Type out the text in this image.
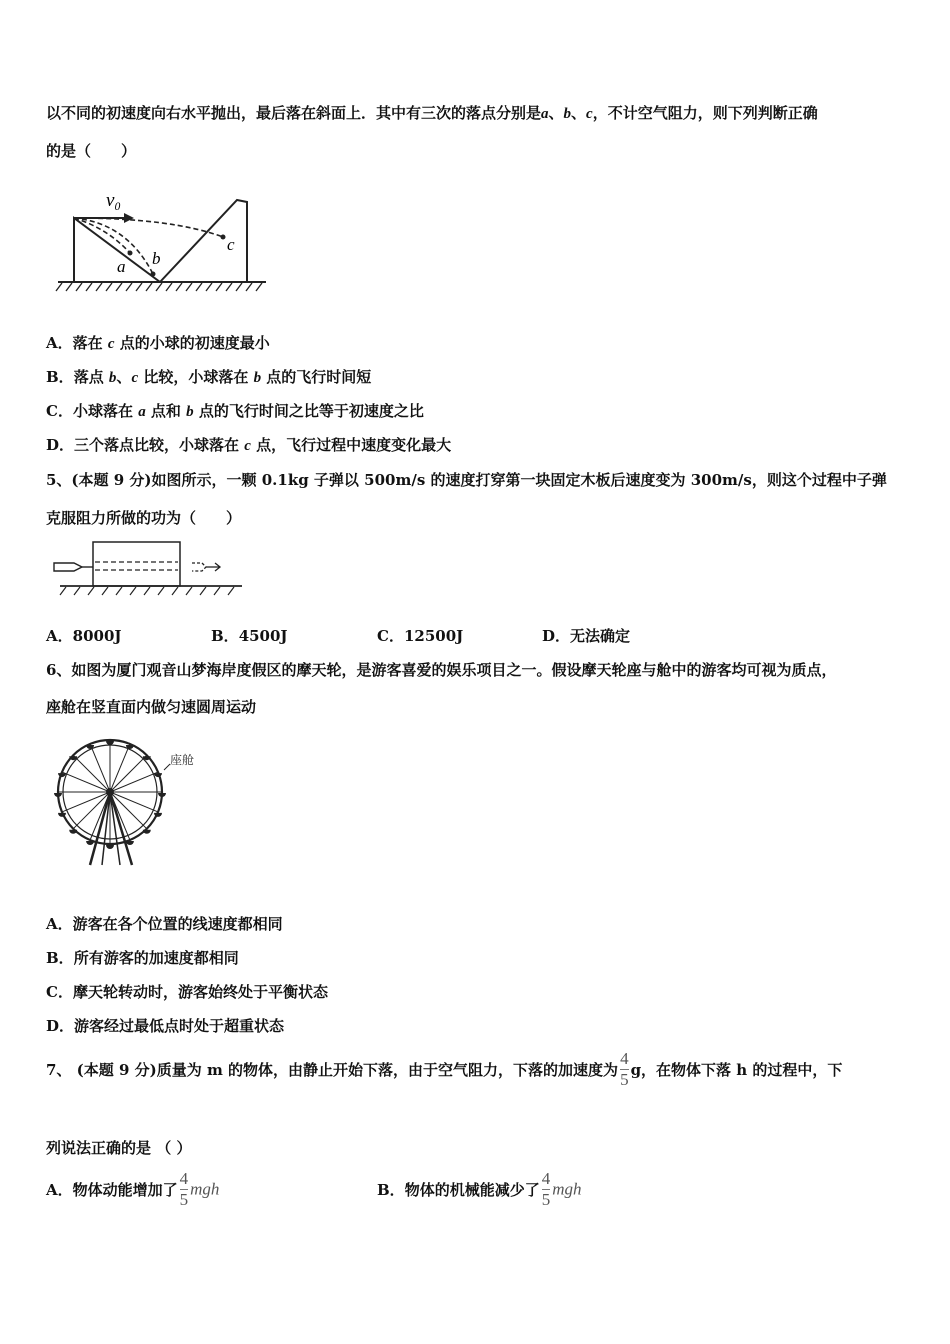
以不同的初速度向右水平抛出，最后落在斜面上．其中有三次的落点分别是a、b、c，不计空气阻力，则下列判断正确
的是（　　）
v₀
a b
c
A．落在 c 点的小球的初速度最小
B．落点 b、c 比较，小球落在 b 点的飞行时间短
C．小球落在 a 点和 b 点的飞行时间之比等于初速度之比
D．三个落点比较，小球落在 c 点，飞行过程中速度变化最大
5、(本题 9 分)如图所示，一颗 0.1kg 子弹以 500m/s 的速度打穿第一块固定木板后速度变为 300m/s，则这个过程中子弹
克服阻力所做的功为（　　）
A．8000J	B．4500J	C．12500J	D．无法确定
6、如图为厦门观音山梦海岸度假区的摩天轮，是游客喜爱的娱乐项目之一。假设摩天轮座与舱中的游客均可视为质点，
座舱在竖直面内做匀速圆周运动
座舱
A．游客在各个位置的线速度都相同
B．所有游客的加速度都相同
C．摩天轮转动时，游客始终处于平衡状态
D．游客经过最低点时处于超重状态
7、 (本题 9 分)质量为 m 的物体，由静止开始下落，由于空气阻力，下落的加速度为 $\frac{4}{5}$ g，在物体下落 h 的过程中，下
列说法正确的是 （ ）
A．物体动能增加了 $\frac{4}{5}$ mgh	B．物体的机械能减少了 $\frac{4}{5}$ mgh
